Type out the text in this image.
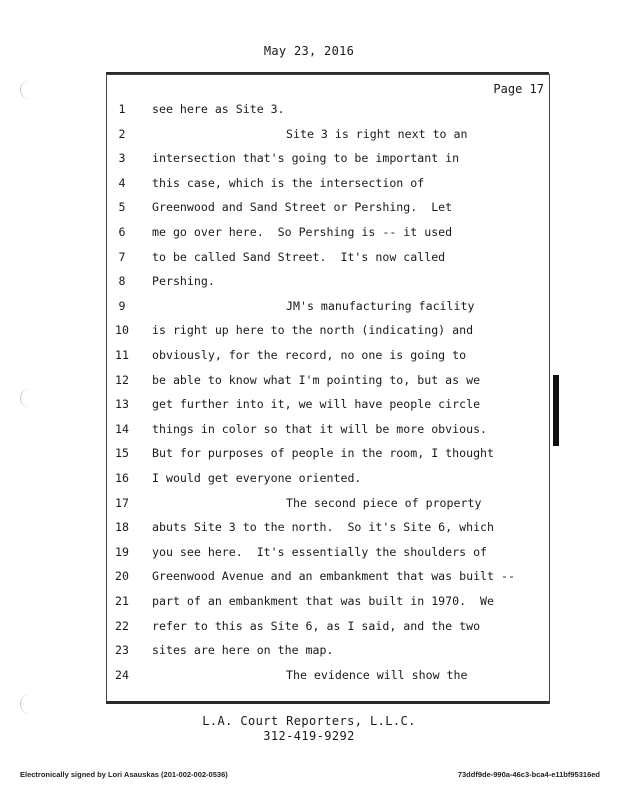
May 23, 2016
Page 17
1	see here as Site 3.
2	Site 3 is right next to an
3	intersection that's going to be important in
4	this case, which is the intersection of
5	Greenwood and Sand Street or Pershing.  Let
6	me go over here.  So Pershing is -- it used
7	to be called Sand Street.  It's now called
8	Pershing.
9	JM's manufacturing facility
10 is right up here to the north (indicating) and
11 obviously, for the record, no one is going to
12 be able to know what I'm pointing to, but as we
13 get further into it, we will have people circle
14 things in color so that it will be more obvious.
15 But for purposes of people in the room, I thought
16 I would get everyone oriented.
17	The second piece of property
18 abuts Site 3 to the north.  So it's Site 6, which
19 you see here.  It's essentially the shoulders of
20 Greenwood Avenue and an embankment that was built --
21 part of an embankment that was built in 1970.  We
22 refer to this as Site 6, as I said, and the two
23 sites are here on the map.
24	The evidence will show the
L.A. Court Reporters, L.L.C.
312-419-9292
Electronically signed by Lori Asauskas (201-002-002-0536)	73ddf9de-990a-46c3-bca4-e11bf95316ed
